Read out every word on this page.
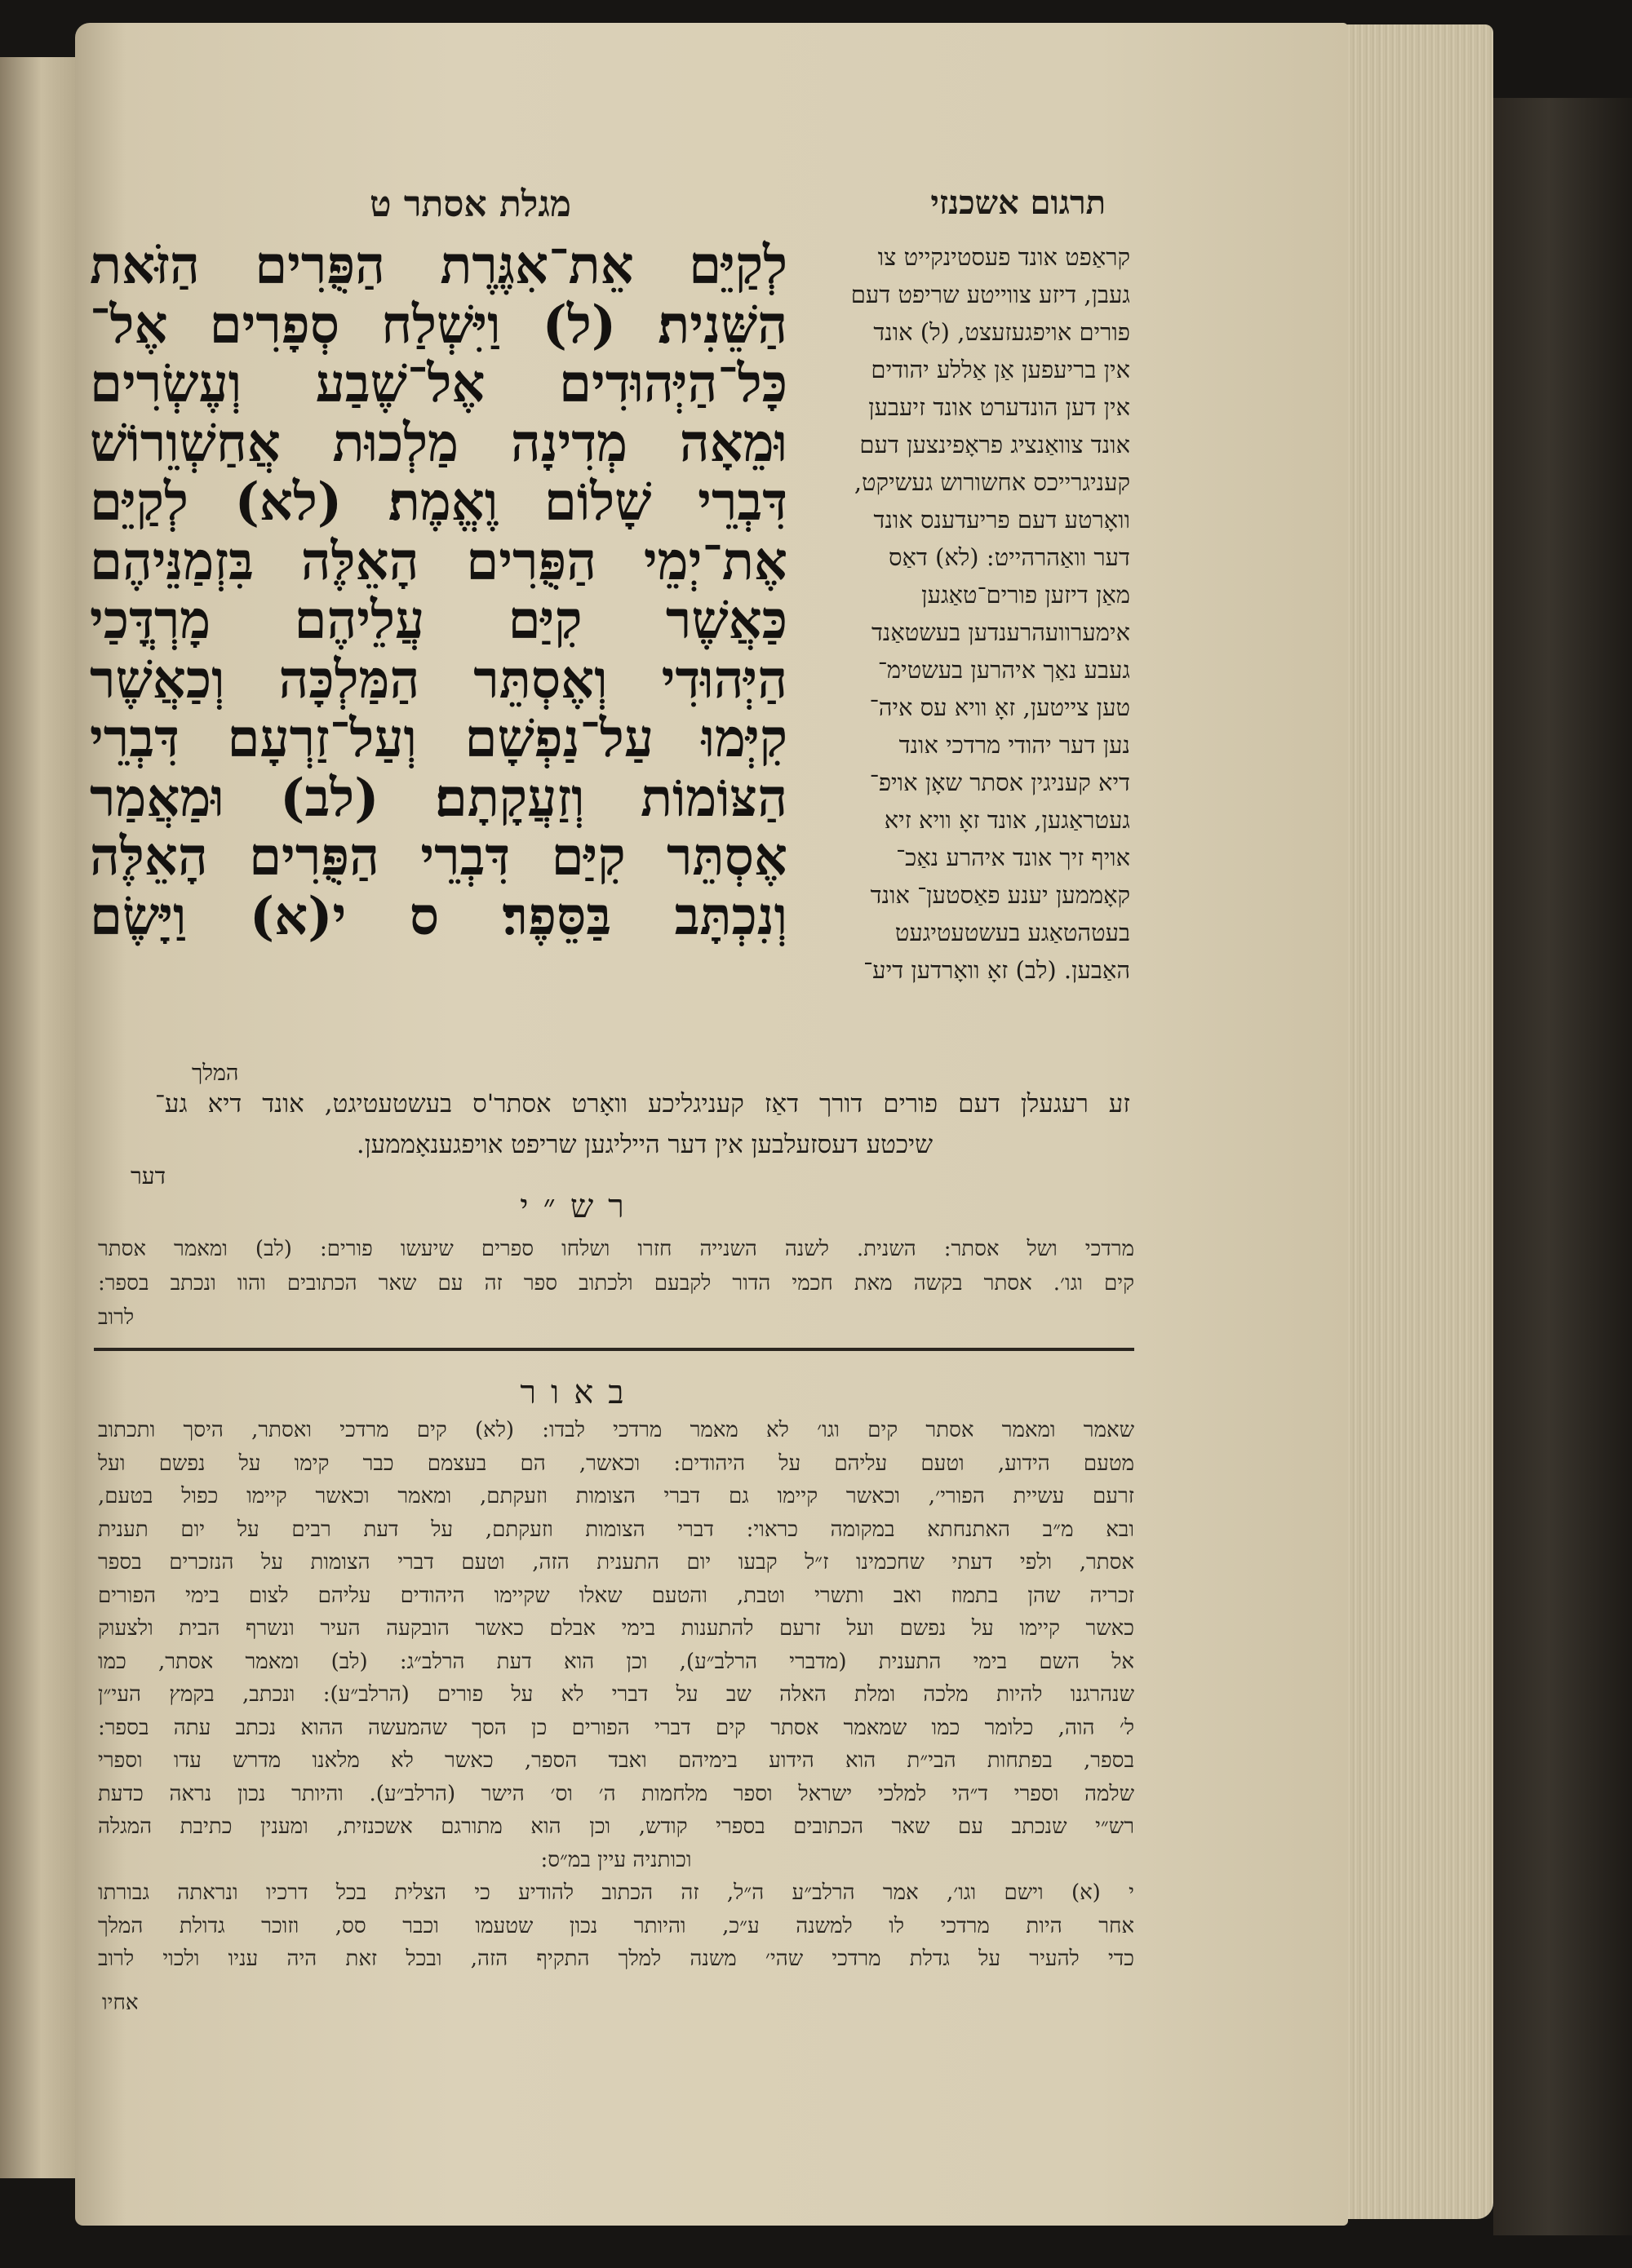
תרגום אשכנזי
מגלת אסתר ט
קראַפט אונד פעסטינקייט צו
געבן, דיזע צווייטע שריפט דעם
פורים אויפגעזעצט, (ל) אונד
אין בריעפען אַן אַללע יהודים
אין דען הונדערט אונד זיעבען
אונד צוואַנציג פראָפינצען דעם
קעניגרייכס אחשורוש געשיקט,
וואָרטע דעם פריעדענס אונד
דער וואַהרהייט: (לא) דאַס
מאַן דיזען פורים־טאַגען
אימערוועהרענדען בעשטאַנד
געבע נאַך איהרען בעשטימ־
טען צייטען, זאָ וויא עס איה־
נען דער יהודי מרדכי אונד
דיא קעניגין אסתר שאָן אויפ־
געטראַגען, אונד זאָ וויא זיא
אויף זיך אונד איהרע נאַכ־
קאָממען יענע פאַסטען־ אונד
בעטהטאַגע בעשטעטיגעט
האַבען. (לב) זאָ וואָרדען דיע־
לְקַיֵּם אֵת־אִגֶּרֶת הַפֻּרִים הַזֹּאת
הַשֵּׁנִית׃ (ל) וַיִּשְׁלַח סְפָרִים אֶל־
כָּל־הַיְּהוּדִים אֶל־שֶׁבַע וְעֶשְׂרִים
וּמֵאָה מְדִינָה מַלְכוּת אֲחַשְׁוֵרוֹשׁ
דִּבְרֵי שָׁלוֹם וֶאֱמֶת׃ (לא) לְקַיֵּם
אֶת־יְמֵי הַפֻּרִים הָאֵלֶּה בִּזְמַנֵּיהֶם
כַּאֲשֶׁר קִיַּם עֲלֵיהֶם מָרְדֳּכַי
הַיְּהוּדִי וְאֶסְתֵּר הַמַּלְכָּה וְכַאֲשֶׁר
קִיְּמוּ עַל־נַפְשָׁם וְעַל־זַרְעָם דִּבְרֵי
הַצּוֹמוֹת וְזַעֲקָתָם׃ (לב) וּמַאֲמַר
אֶסְתֵּר קִיַּם דִּבְרֵי הַפֻּרִים הָאֵלֶּה
וְנִכְתָּב בַּסֵּפֶר׃ ס י(א) וַיָּשֶׂם
המלך
זע רעגעלן דעם פורים דורך דאַז קעניגליכע וואָרט אסתר'ס בעשטעטיגט, אונד דיא גע־
שיכטע דעסזעלבען אין דער הייליגען שריפט אויפגענאָממען.
דער
רש״י
מרדכי ושל אסתר: השנית. לשנה השנייה חזרו ושלחו ספרים שיעשו פורים: (לב) ומאמר אסתר
קים וגו׳. אסתר בקשה מאת חכמי הדור לקבעם ולכתוב ספר זה עם שאר הכתובים והוו ונכתב בספר:
לרוב
באור
שאמר ומאמר אסתר קים וגו׳ לא מאמר מרדכי לבדו: (לא) קים מרדכי ואסתר, היסך ותכתוב
מטעם הידוע, וטעם עליהם על היהודים: וכאשר, הם בעצמם כבר קימו על נפשם ועל
זרעם עשיית הפורי׳, וכאשר קיימו גם דברי הצומות וזעקתם, ומאמר וכאשר קיימו כפול בטעם,
ובא מ״ב האתנחתא במקומה כראוי: דברי הצומות וזעקתם, על דעת רבים על יום תענית
אסתר, ולפי דעתי שחכמינו ז״ל קבעו יום התענית הזה, וטעם דברי הצומות על הנזכרים בספר
זכריה שהן בתמוז ואב ותשרי וטבת, והטעם שאלו שקיימו היהודים עליהם לצום בימי הפורים
כאשר קיימו על נפשם ועל זרעם להתענות בימי אבלם כאשר הובקעה העיר ונשרף הבית ולצעוק
אל השם בימי התענית (מדברי הרלב״ע), וכן הוא דעת הרלב״ג: (לב) ומאמר אסתר, כמו
שנהרגנו להיות מלכה ומלת האלה שב על דברי לא על פורים (הרלב״ע): ונכתב, בקמץ העי״ן
ל׳ הוה, כלומר כמו שמאמר אסתר קים דברי הפורים כן הסך שהמעשה ההוא נכתב עתה בספר:
בספר, בפתחות הבי״ת הוא הידוע בימיהם ואבד הספר, כאשר לא מלאנו מדרש עדו וספרי
שלמה וספרי ד״הי למלכי ישראל וספר מלחמות ה׳ וס׳ הישר (הרלב״ע). והיותר נכון נראה כדעת
רש״י שנכתב עם שאר הכתובים בספרי קודש, וכן הוא מתורגם אשכנזית, ומענין כתיבת המגלה
וכותניה עיין במ״ס:
י (א) וישם וגו׳, אמר הרלב״ע ה״ל, זה הכתוב להודיע כי הצלית בכל דרכיו ונראתה גבורתו
אחר היות מרדכי לו למשנה ע״כ, והיותר נכון שטעמו וכבר סס, וזוכר גדולת המלך
כדי להעיר על גדלת מרדכי שהי׳ משנה למלך התקיף הזה, ובכל זאת היה עניו ולכוי לרוב
אחיו
